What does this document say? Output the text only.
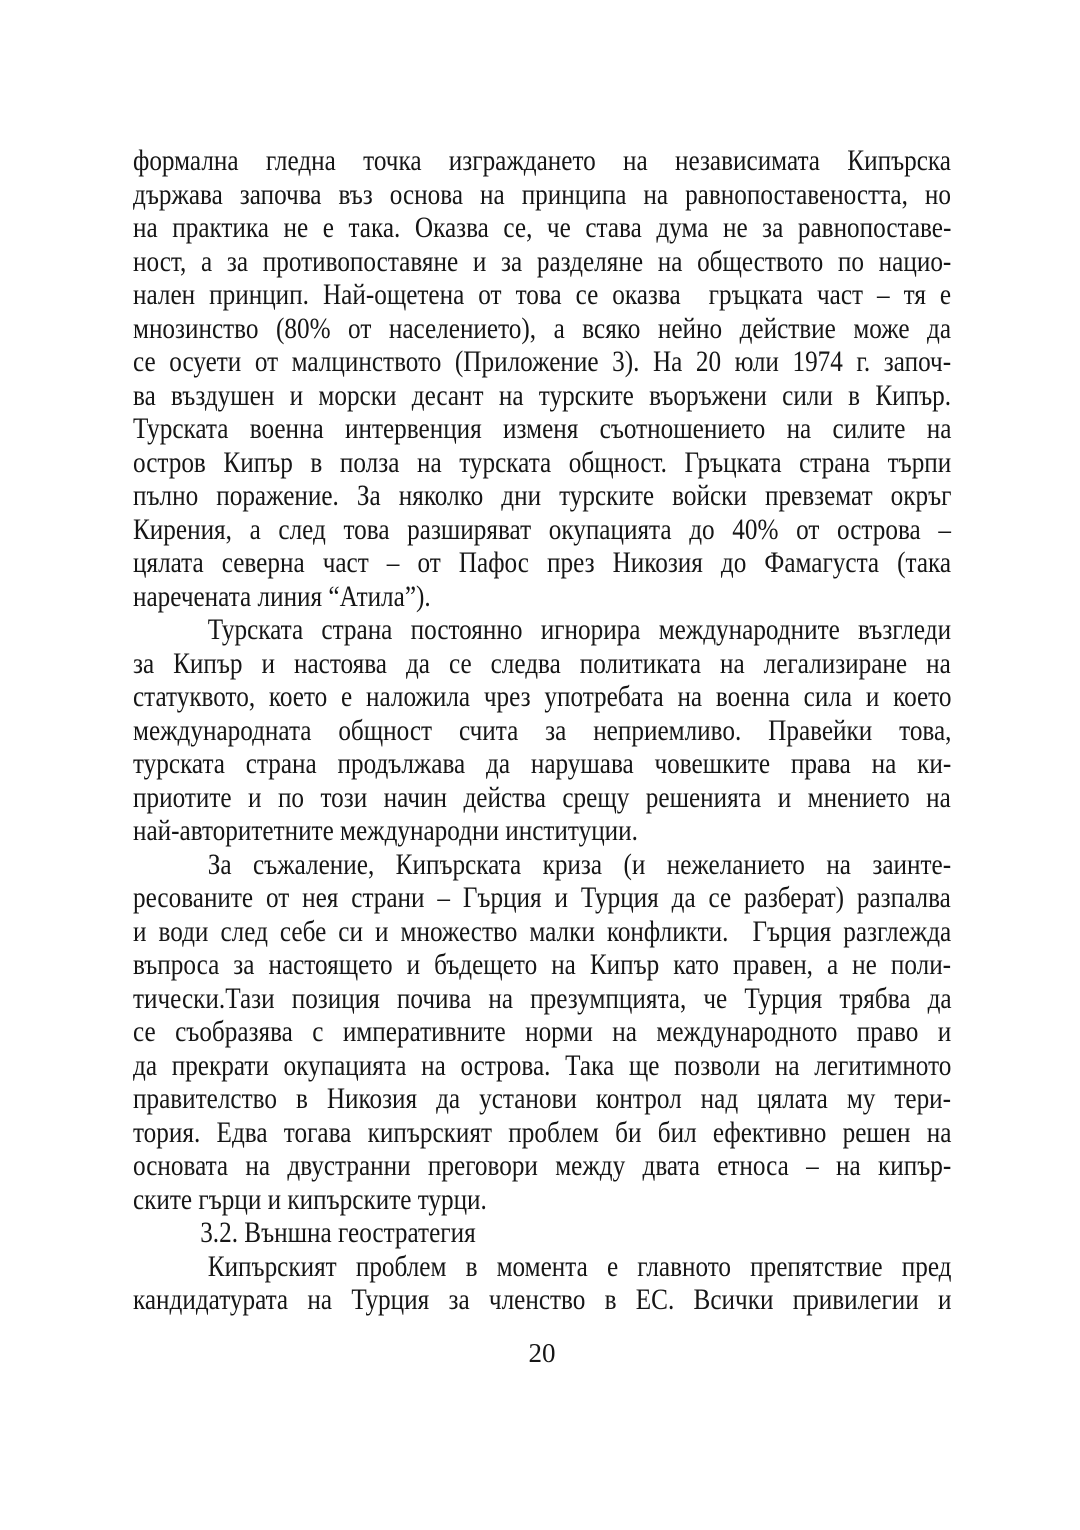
формална гледна точка изграждането на независимата Кипърска
държава започва въз основа на принципа на равнопоставеността, но
на практика не е така. Оказва се, че става дума не за равнопоставе-
ност, а за противопоставяне и за разделяне на обществото по нацио-
нален принцип. Най-ощетена от това се оказва  гръцката част – тя е
мнозинство (80% от населението), а всяко нейно действие може да
се осуети от малцинството (Приложение 3). На 20 юли 1974 г. започ-
ва въздушен и морски десант на турските въоръжени сили в Кипър.
Турската военна интервенция изменя съотношението на силите на
остров Кипър в полза на турската общност. Гръцката страна търпи
пълно поражение. За няколко дни турските войски превземат окръг
Кирения, а след това разширяват окупацията до 40% от острова –
цялата северна част – от Пафос през Никозия до Фамагуста (така
наречената линия “Атила”).
Турската страна постоянно игнорира международните възгледи
за Кипър и настоява да се следва политиката на легализиране на
статуквото, което е наложила чрез употребата на военна сила и което
международната общност счита за неприемливо. Правейки това,
турската страна продължава да нарушава човешките права на ки-
приотите и по този начин действа срещу решенията и мнението на
най-авторитетните международни институции.
За съжаление, Кипърската криза (и нежеланието на заинте-
ресованите от нея страни – Гърция и Турция да се разберат) разпалва
и води след себе си и множество малки конфликти.  Гърция разглежда
въпроса за настоящето и бъдещето на Кипър като правен, а не поли-
тически.Тази позиция почива на презумпцията, че Турция трябва да
се съобразява с императивните норми на международното право и
да прекрати окупацията на острова. Така ще позволи на легитимното
правителство в Никозия да установи контрол над цялата му тери-
тория. Едва тогава кипърският проблем би бил ефективно решен на
основата на двустранни преговори между двата етноса – на кипър-
ските гърци и кипърските турци.
3.2. Външна геостратегия
Кипърският проблем в момента е главното препятствие пред
кандидатурата на Турция за членство в ЕС. Всички привилегии и
20
